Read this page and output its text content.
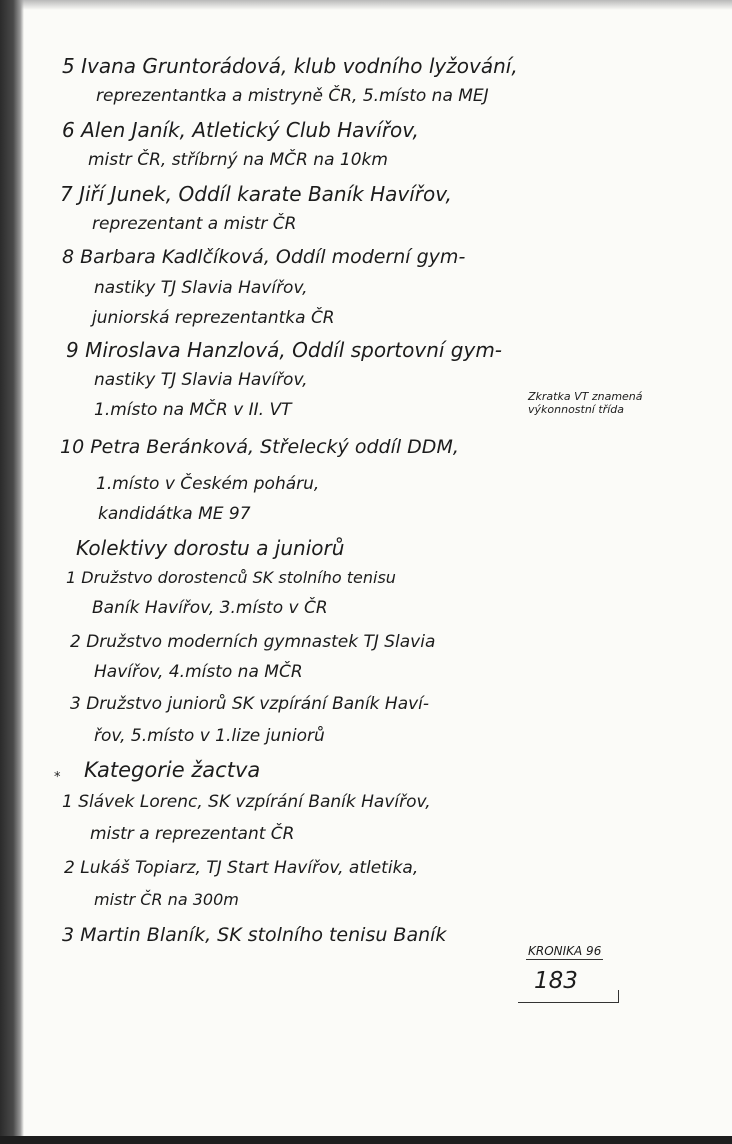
5 Ivana Gruntorádová, klub vodního lyžování,
reprezentantka a mistryně ČR, 5.místo na MEJ
6 Alen Janík, Atletický Club Havířov,
mistr ČR, stříbrný na MČR na 10km
7 Jiří Junek, Oddíl karate Baník Havířov,
reprezentant a mistr ČR
8 Barbara Kadlčíková, Oddíl moderní gym-
nastiky TJ Slavia Havířov,
juniorská reprezentantka ČR
9 Miroslava Hanzlová, Oddíl sportovní gym-
nastiky TJ Slavia Havířov,
1.místo na MČR v II. VT
10 Petra Beránková, Střelecký oddíl DDM,
1.místo v Českém poháru,
kandidátka ME 97
Kolektivy dorostu a juniorů
1 Družstvo dorostenců SK stolního tenisu
Baník Havířov, 3.místo v ČR
2 Družstvo moderních gymnastek TJ Slavia
Havířov, 4.místo na MČR
3 Družstvo juniorů SK vzpírání Baník Haví-
řov, 5.místo v 1.lize juniorů
Kategorie žactva
1 Slávek Lorenc, SK vzpírání Baník Havířov,
mistr a reprezentant ČR
2 Lukáš Topiarz, TJ Start Havířov, atletika,
mistr ČR na 300m
3 Martin Blaník, SK stolního tenisu Baník
*
Zkratka VT znamená
výkonnostní třída
KRONIKA 96
183
